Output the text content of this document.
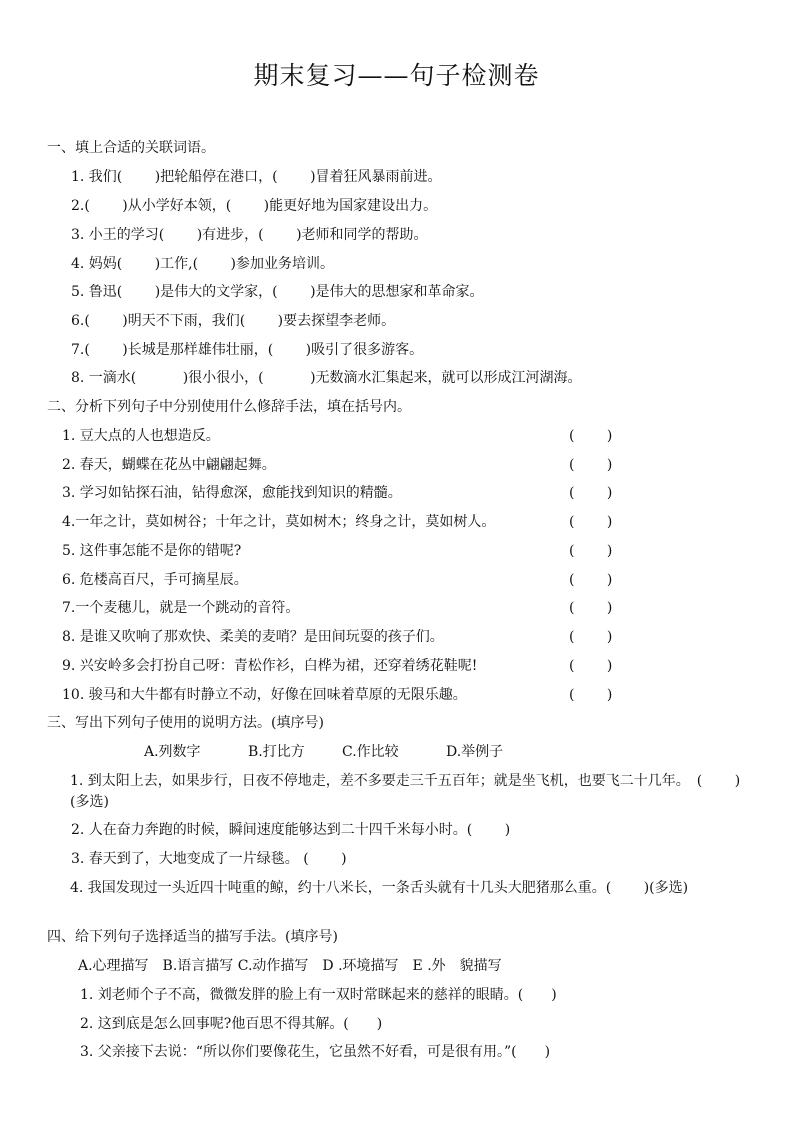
期末复习——句子检测卷
一、填上合适的关联词语。
1. 我们(　　 )把轮船停在港口，(　　 )冒着狂风暴雨前进。
2.(　　 )从小学好本领，(　　 )能更好地为国家建设出力。
3. 小王的学习(　　 )有进步，(　　 )老师和同学的帮助。
4. 妈妈(　　 )工作,(　　 )参加业务培训。
5. 鲁迅(　　 )是伟大的文学家，(　　 )是伟大的思想家和革命家。
6.(　　 )明天不下雨，我们(　　 )要去探望李老师。
7.(　　 )长城是那样雄伟壮丽，(　　 )吸引了很多游客。
8. 一滴水(　　 　)很小很小，(　　 　)无数滴水汇集起来，就可以形成江河湖海。
二、分析下列句子中分别使用什么修辞手法，填在括号内。
1. 豆大点的人也想造反。	(　　 )
2. 春天，蝴蝶在花丛中翩翩起舞。	(　　 )
3. 学习如钻探石油，钻得愈深，愈能找到知识的精髓。	(　　 )
4.一年之计，莫如树谷；十年之计，莫如树木；终身之计，莫如树人。	(　　 )
5. 这件事怎能不是你的错呢?	(　　 )
6. 危楼高百尺，手可摘星辰。	(　　 )
7.一个麦穗儿，就是一个跳动的音符。	(　　 )
8. 是谁又吹响了那欢快、柔美的麦哨？是田间玩耍的孩子们。	(　　 )
9. 兴安岭多会打扮自己呀：青松作衫，白桦为裙，还穿着绣花鞋呢!	(　　 )
10. 骏马和大牛都有时静立不动，好像在回味着草原的无限乐趣。	(　　 )
三、写出下列句子使用的说明方法。(填序号)
A.列数字	B.打比方	C.作比较	D.举例子
1. 到太阳上去，如果步行，日夜不停地走，差不多要走三千五百年；就是坐飞机，也要飞二十几年。　(　　 )(多选)
2. 人在奋力奔跑的时候，瞬间速度能够达到二十四千米每小时。(　　 )
3. 春天到了，大地变成了一片绿毯。 (　　 )
4. 我国发现过一头近四十吨重的鲸，约十八米长，一条舌头就有十几头大肥猪那么重。(　　 )(多选)
四、给下列句子选择适当的描写手法。(填序号)
A.心理描写　B.语言描写 C.动作描写　D .环境描写　E .外　貌描写
1. 刘老师个子不高，微微发胖的脸上有一双时常眯起来的慈祥的眼睛。(　　)
2. 这到底是怎么回事呢?他百思不得其解。(　　)
3. 父亲接下去说：“所以你们要像花生，它虽然不好看，可是很有用。”(　　)
